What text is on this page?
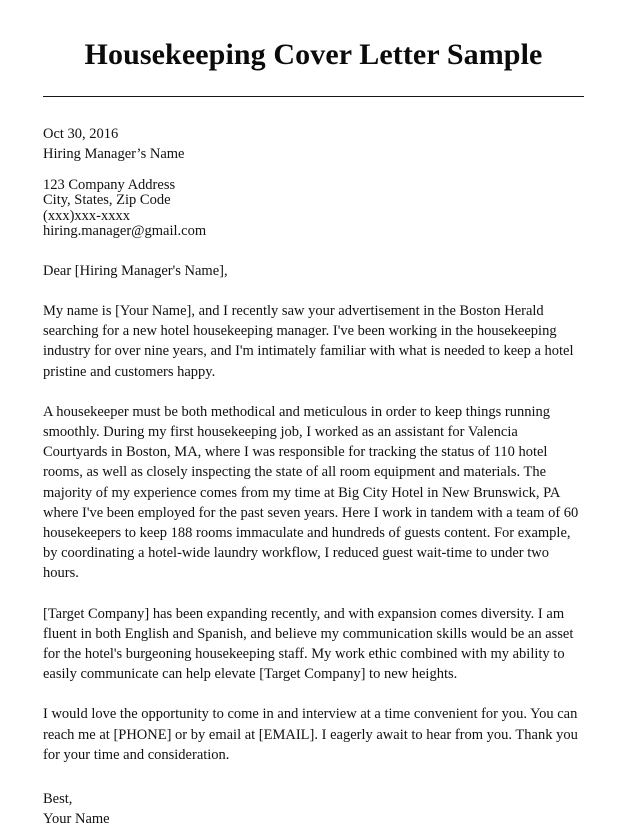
Housekeeping Cover Letter Sample
Oct 30, 2016
Hiring Manager’s Name
123 Company Address
City, States, Zip Code
(xxx)xxx-xxxx
hiring.manager@gmail.com
Dear [Hiring Manager's Name],

My name is [Your Name], and I recently saw your advertisement in the Boston Herald searching for a new hotel housekeeping manager. I've been working in the housekeeping industry for over nine years, and I'm intimately familiar with what is needed to keep a hotel pristine and customers happy.

A housekeeper must be both methodical and meticulous in order to keep things running smoothly. During my first housekeeping job, I worked as an assistant for Valencia Courtyards in Boston, MA, where I was responsible for tracking the status of 110 hotel rooms, as well as closely inspecting the state of all room equipment and materials. The majority of my experience comes from my time at Big City Hotel in New Brunswick, PA where I've been employed for the past seven years. Here I work in tandem with a team of 60 housekeepers to keep 188 rooms immaculate and hundreds of guests content. For example, by coordinating a hotel-wide laundry workflow, I reduced guest wait-time to under two hours.

[Target Company] has been expanding recently, and with expansion comes diversity. I am fluent in both English and Spanish, and believe my communication skills would be an asset for the hotel's burgeoning housekeeping staff. My work ethic combined with my ability to easily communicate can help elevate [Target Company] to new heights.

I would love the opportunity to come in and interview at a time convenient for you. You can reach me at [PHONE] or by email at [EMAIL]. I eagerly await to hear from you. Thank you for your time and consideration.

Best,
Your Name
